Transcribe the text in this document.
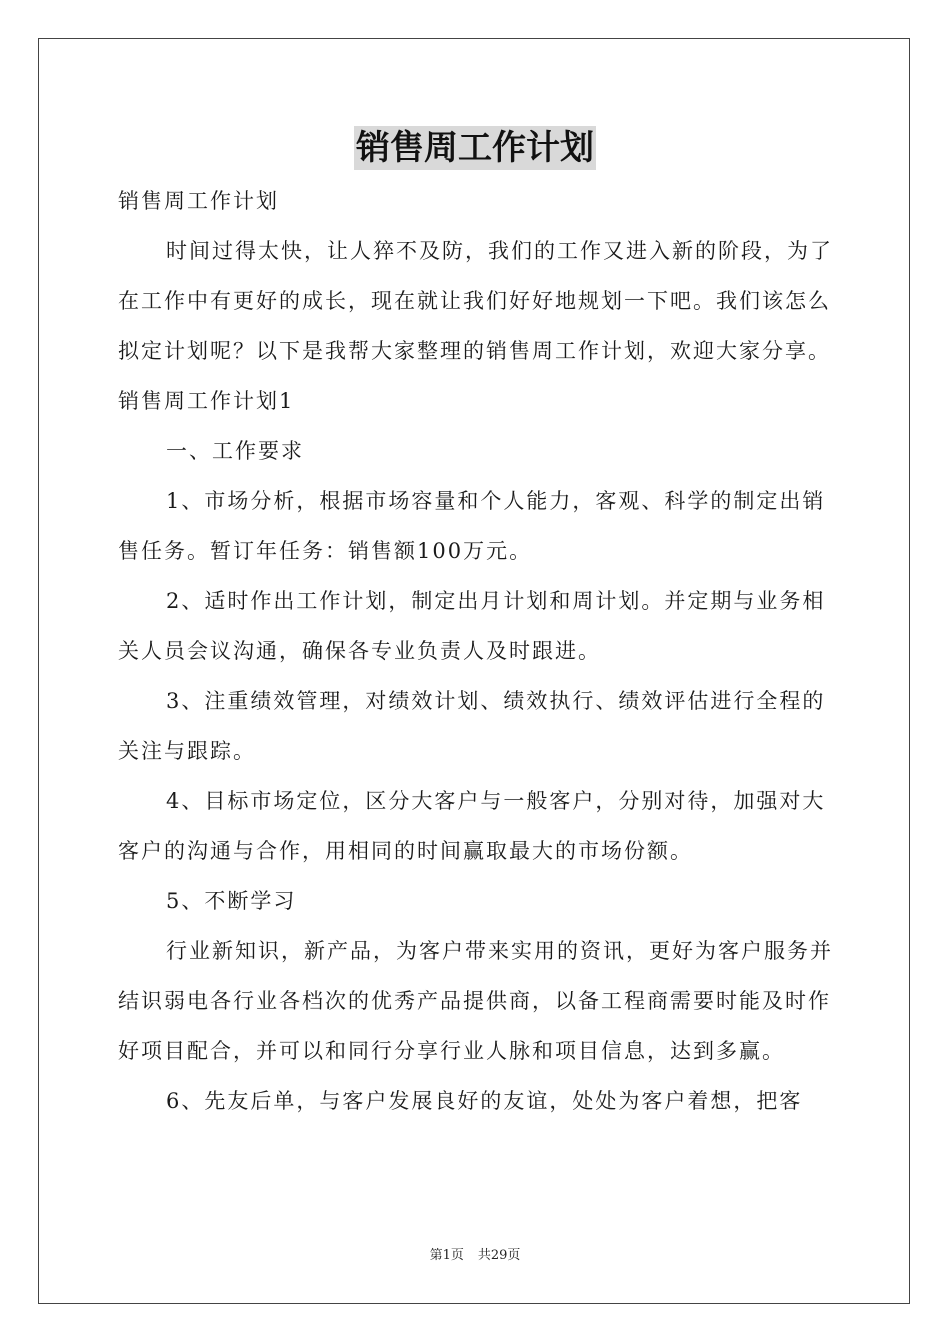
销售周工作计划

销售周工作计划

时间过得太快，让人猝不及防，我们的工作又进入新的阶段，为了在工作中有更好的成长，现在就让我们好好地规划一下吧。我们该怎么拟定计划呢？以下是我帮大家整理的销售周工作计划，欢迎大家分享。

销售周工作计划1

一、工作要求

1、市场分析，根据市场容量和个人能力，客观、科学的制定出销售任务。暂订年任务：销售额100万元。

2、适时作出工作计划，制定出月计划和周计划。并定期与业务相关人员会议沟通，确保各专业负责人及时跟进。

3、注重绩效管理，对绩效计划、绩效执行、绩效评估进行全程的关注与跟踪。

4、目标市场定位，区分大客户与一般客户，分别对待，加强对大客户的沟通与合作，用相同的时间赢取最大的市场份额。

5、不断学习

行业新知识，新产品，为客户带来实用的资讯，更好为客户服务并结识弱电各行业各档次的优秀产品提供商，以备工程商需要时能及时作好项目配合，并可以和同行分享行业人脉和项目信息，达到多赢。

6、先友后单，与客户发展良好的友谊，处处为客户着想，把客

第1页 共29页
